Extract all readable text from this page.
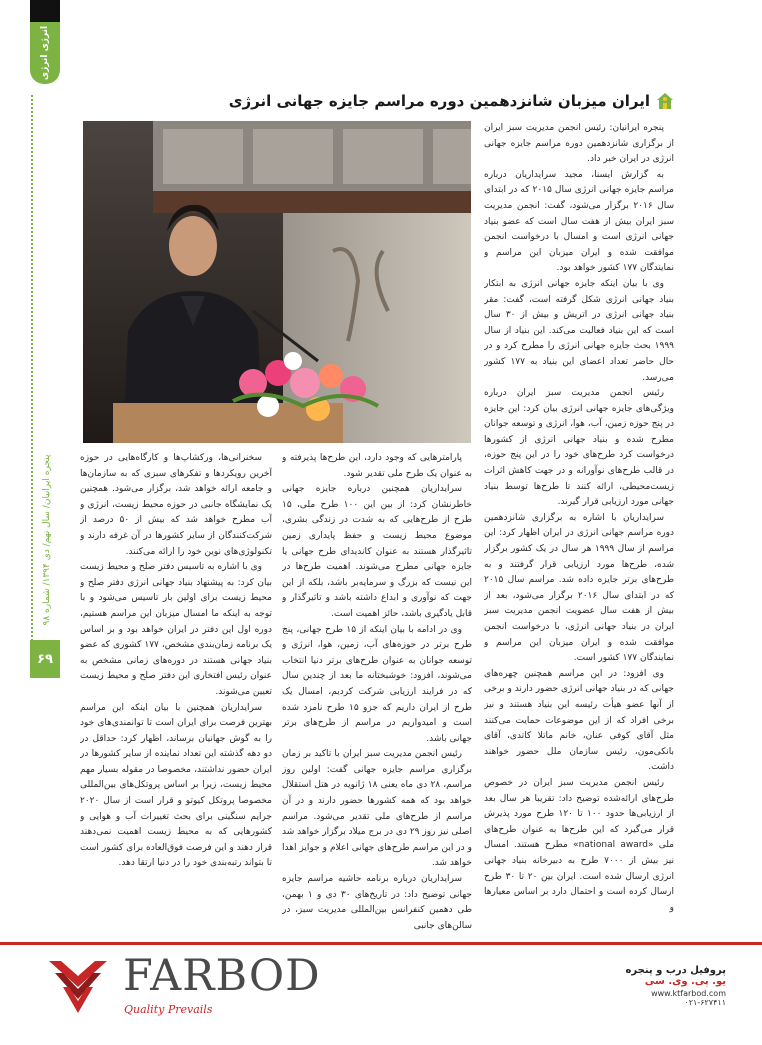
انرژی انرژی
پنجره ایرانیان/ سال نهم/ دی ۱۳۹۴/ شماره ۹۸
۶۹
ایران میزبان شانزدهمین دوره مراسم جایزه جهانی انرژی

پنجره ایرانیان: رئیس انجمن مدیریت سبز ایران از برگزاری شانزدهمین دوره مراسم جایزه جهانی انرژی در ایران خبر داد.

به گزارش ایسنا، مجید سرایداریان درباره مراسم جایزه جهانی انرژی سال ۲۰۱۵ که در ابتدای سال ۲۰۱۶ برگزار می‌شود، گفت: انجمن مدیریت سبز ایران بیش از هفت سال است که عضو بنیاد جهانی انرژی است و امسال با درخواست انجمن موافقت شده و ایران میزبان این مراسم و نمایندگان ۱۷۷ کشور خواهد بود.

وی با بیان اینکه جایزه جهانی انرژی به ابتکار بنیاد جهانی انرژی شکل گرفته است، گفت: مقر بنیاد جهانی انرژی در اتریش و بیش از ۳۰ سال است که این بنیاد فعالیت می‌کند. این بنیاد از سال ۱۹۹۹ بحث جایزه جهانی انرژی را مطرح کرد و در حال حاضر تعداد اعضای این بنیاد به ۱۷۷ کشور می‌رسد.

رئیس انجمن مدیریت سبز ایران درباره ویژگی‌های جایزه جهانی انرژی بیان کرد: این جایزه در پنج حوزه زمین، آب، هوا، انرژی و توسعه جوانان مطرح شده و بنیاد جهانی انرژی از کشورها درخواست کرد طرح‌های خود را در این پنج حوزه، در قالب طرح‌های نوآورانه و در جهت کاهش اثرات زیست‌محیطی، ارائه کنند تا طرح‌ها توسط بنیاد جهانی مورد ارزیابی قرار گیرند.

سرایداریان با اشاره به برگزاری شانزدهمین دوره مراسم جهانی انرژی در ایران اظهار کرد: این مراسم از سال ۱۹۹۹ هر سال در یک کشور برگزار شده، طرح‌ها مورد ارزیابی قرار گرفتند و به طرح‌های برتر جایزه داده شد. مراسم سال ۲۰۱۵ که در ابتدای سال ۲۰۱۶ برگزار می‌شود، بعد از بیش از هفت سال عضویت انجمن مدیریت سبز ایران در بنیاد جهانی انرژی، با درخواست انجمن موافقت شده و ایران میزبان این مراسم و نمایندگان ۱۷۷ کشور است.

وی افزود: در این مراسم همچنین چهره‌های جهانی که در بنیاد جهانی انرژی حضور دارند و برخی از آنها عضو هیأت رئیسه این بنیاد هستند و نیز برخی افراد که از این موضوعات حمایت می‌کنند مثل آقای کوفی عنان، خانم ماتلا کاتدی، آقای بانکی‌مون، رئیس سازمان ملل حضور خواهند داشت.

رئیس انجمن مدیریت سبز ایران در خصوص طرح‌های ارائه‌شده توضیح داد: تقریبا هر سال بعد از ارزیابی‌ها حدود ۱۰۰ تا ۱۲۰ طرح مورد پذیرش قرار می‌گیرد که این طرح‌ها به عنوان طرح‌های ملی «national award» مطرح هستند. امسال نیز بیش از ۷۰۰۰ طرح به دبیرخانه بنیاد جهانی انرژی ارسال شده است. ایران بین ۲۰ تا ۳۰ طرح ارسال کرده است و احتمال دارد بر اساس معیارها و

پارامترهایی که وجود دارد، این طرح‌ها پذیرفته و به عنوان یک طرح ملی تقدیر شود.

سرایداریان همچنین درباره جایزه جهانی خاطرنشان کرد: از بین این ۱۰۰ طرح ملی، ۱۵ طرح از طرح‌هایی که به شدت در زندگی بشری، موضوع محیط زیست و حفظ پایداری زمین تاثیرگذار هستند به عنوان کاندیدای طرح جهانی یا جایزه جهانی مطرح می‌شوند. اهمیت طرح‌ها در این نیست که بزرگ و سرمایه‌بر باشد، بلکه از این جهت که نوآوری و ابداع داشته باشد و تاثیرگذار و قابل یادگیری باشد، حائز اهمیت است.

وی در ادامه با بیان اینکه از ۱۵ طرح جهانی، پنج طرح برتر در حوزه‌های آب، زمین، هوا، انرژی و توسعه جوانان به عنوان طرح‌های برتر دنیا انتخاب می‌شوند، افزود: خوشبختانه ما بعد از چندین سال که در فرایند ارزیابی شرکت کردیم، امسال یک طرح از ایران داریم که جزو ۱۵ طرح نامزد شده است و امیدواریم در مراسم از طرح‌های برتر جهانی باشد.

رئیس انجمن مدیریت سبز ایران با تاکید بر زمان برگزاری مراسم جایزه جهانی گفت: اولین روز مراسم، ۲۸ دی ماه یعنی ۱۸ ژانویه در هتل استقلال خواهد بود که همه کشورها حضور دارند و در آن مراسم از طرح‌های ملی تقدیر می‌شود. مراسم اصلی نیز روز ۲۹ دی در برج میلاد برگزار خواهد شد و در این مراسم طرح‌های جهانی اعلام و جوایز اهدا خواهد شد.

سرایداریان درباره برنامه حاشیه مراسم جایزه جهانی توضیح داد: در تاریخ‌های ۳۰ دی و ۱ بهمن، طی دهمین کنفرانس بین‌المللی مدیریت سبز، در سالن‌های جانبی

سخنرانی‌ها، ورکشاپ‌ها و کارگاه‌هایی در حوزه آخرین رویکردها و تفکرهای سبزی که به سازمان‌ها و جامعه ارائه خواهد شد، برگزار می‌شود. همچنین یک نمایشگاه جانبی در حوزه محیط زیست، انرژی و آب مطرح خواهد شد که بیش از ۵۰ درصد از شرکت‌کنندگان از سایر کشورها در آن غرفه دارند و تکنولوژی‌های نوین خود را ارائه می‌کنند.

وی با اشاره به تاسیس دفتر صلح و محیط زیست بیان کرد: به پیشنهاد بنیاد جهانی انرژی دفتر صلح و محیط زیست برای اولین بار تاسیس می‌شود و با توجه به اینکه ما امسال میزبان این مراسم هستیم، دوره اول این دفتر در ایران خواهد بود و بر اساس یک برنامه زمان‌بندی مشخص، ۱۷۷ کشوری که عضو بنیاد جهانی هستند در دوره‌های زمانی مشخص به عنوان رئیس افتخاری این دفتر صلح و محیط زیست تعیین می‌شوند.

سرایداریان همچنین با بیان اینکه این مراسم بهترین فرصت برای ایران است تا توانمندی‌های خود را به گوش جهانیان برساند، اظهار کرد: حداقل در دو دهه گذشته این تعداد نماینده از سایر کشورها در ایران حضور نداشتند، مخصوصا در مقوله بسیار مهم محیط زیست، زیرا بر اساس پروتکل‌های بین‌المللی مخصوصا پروتکل کیوتو و قرار است از سال ۲۰۲۰ جرایم سنگینی برای بحث تغییرات آب و هوایی و کشورهایی که به محیط زیست اهمیت نمی‌دهند قرار دهند و این فرصت فوق‌العاده برای کشور است تا بتواند رتبه‌بندی خود را در دنیا ارتقا دهد.

FARBOD
Quality Prevails
پروفیل درب و پنجره
یو. پی. وی. سی
www.ktfarbod.com
۰۲۱-۶۲۷۴۱۱
